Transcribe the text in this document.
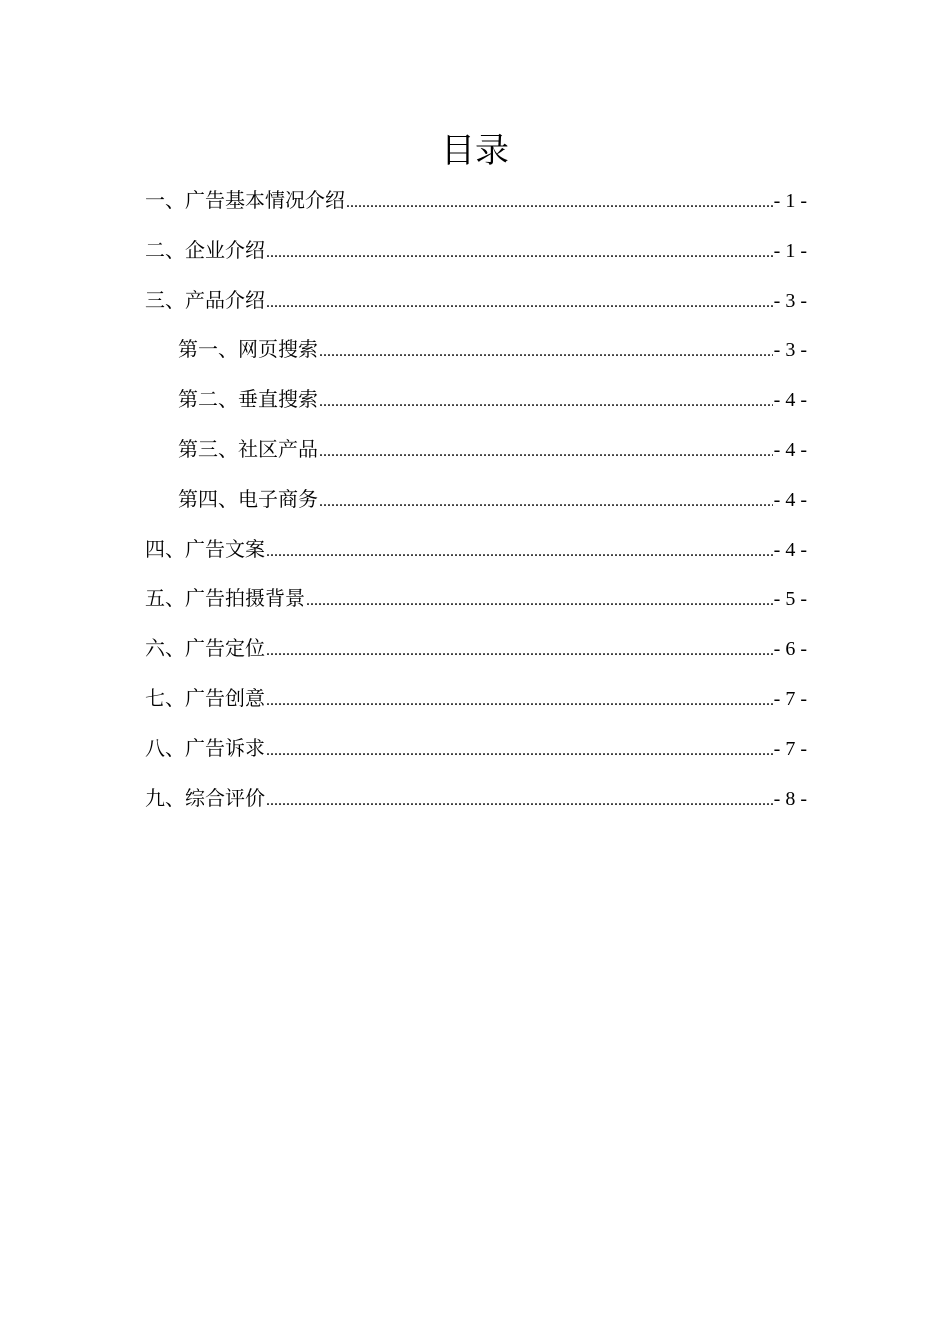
目录
一、广告基本情况介绍 .....	- 1 -
二、企业介绍 .....	- 1 -
三、产品介绍 .....	- 3 -
第一、网页搜索 .....	- 3 -
第二、垂直搜索 .....	- 4 -
第三、社区产品 .....	- 4 -
第四、电子商务 .....	- 4 -
四、广告文案 .....	- 4 -
五、广告拍摄背景 .....	- 5 -
六、广告定位 .....	- 6 -
七、广告创意 .....	- 7 -
八、广告诉求 .....	- 7 -
九、综合评价 .....	- 8 -
